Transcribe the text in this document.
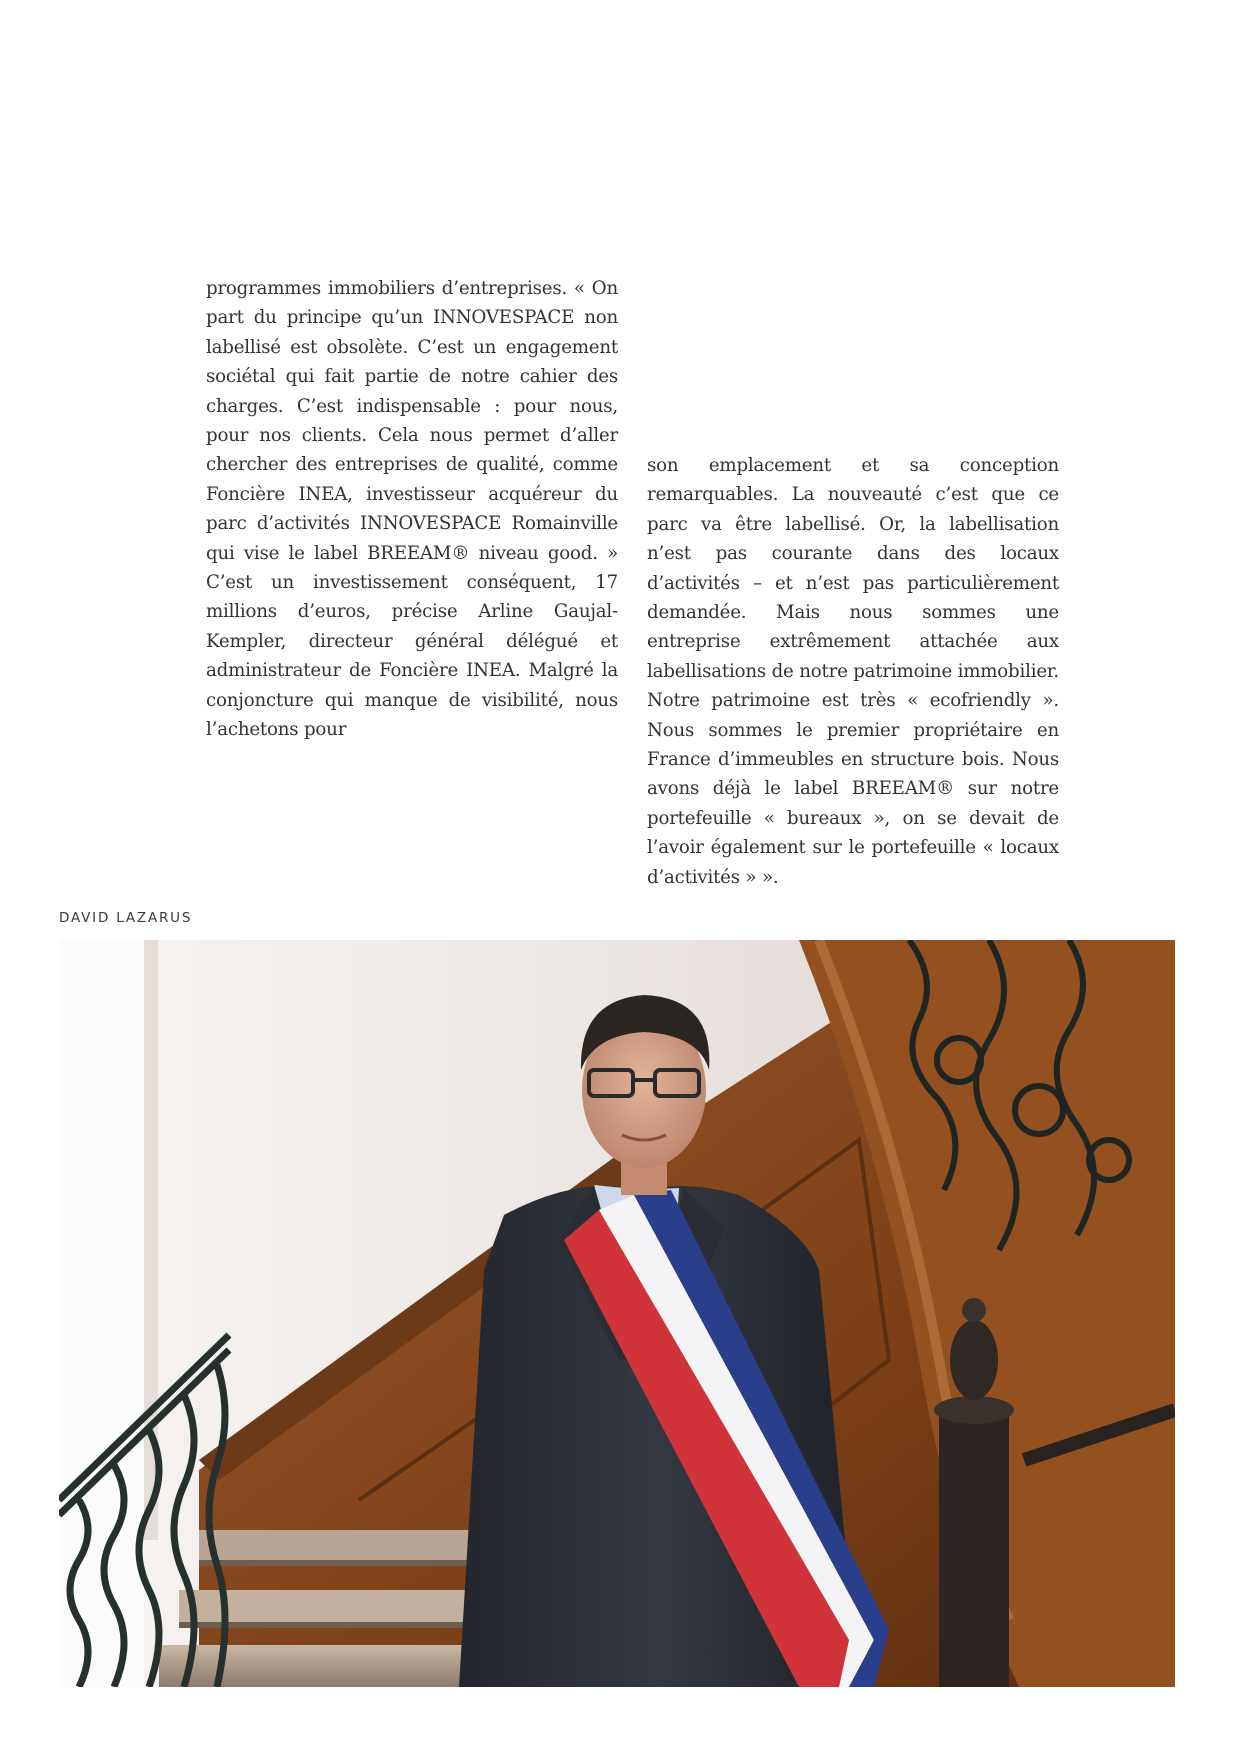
programmes immobiliers d’entreprises. « On part du principe qu’un INNOVESPACE non labellisé est obsolète. C’est un engagement sociétal qui fait partie de notre cahier des charges. C’est indispensable : pour nous, pour nos clients. Cela nous permet d’aller chercher des entreprises de qualité, comme Foncière INEA, investisseur acquéreur du parc d’activités INNOVESPACE Romainville qui vise le label BREEAM® niveau good. » C’est un investissement conséquent, 17 millions d’euros, précise Arline Gaujal-Kempler, directeur général délégué et administrateur de Foncière INEA. Malgré la conjoncture qui manque de visibilité, nous l’achetons pour

son emplacement et sa conception remarquables. La nouveauté c’est que ce parc va être labellisé. Or, la labellisation n’est pas courante dans des locaux d’activités – et n’est pas particulièrement demandée. Mais nous sommes une entreprise extrêmement attachée aux labellisations de notre patrimoine immobilier. Notre patrimoine est très « ecofriendly ». Nous sommes le premier propriétaire en France d’immeubles en structure bois. Nous avons déjà le label BREEAM® sur notre portefeuille « bureaux », on se devait de l’avoir également sur le portefeuille « locaux d’activités » ».

DAVID LAZARUS
